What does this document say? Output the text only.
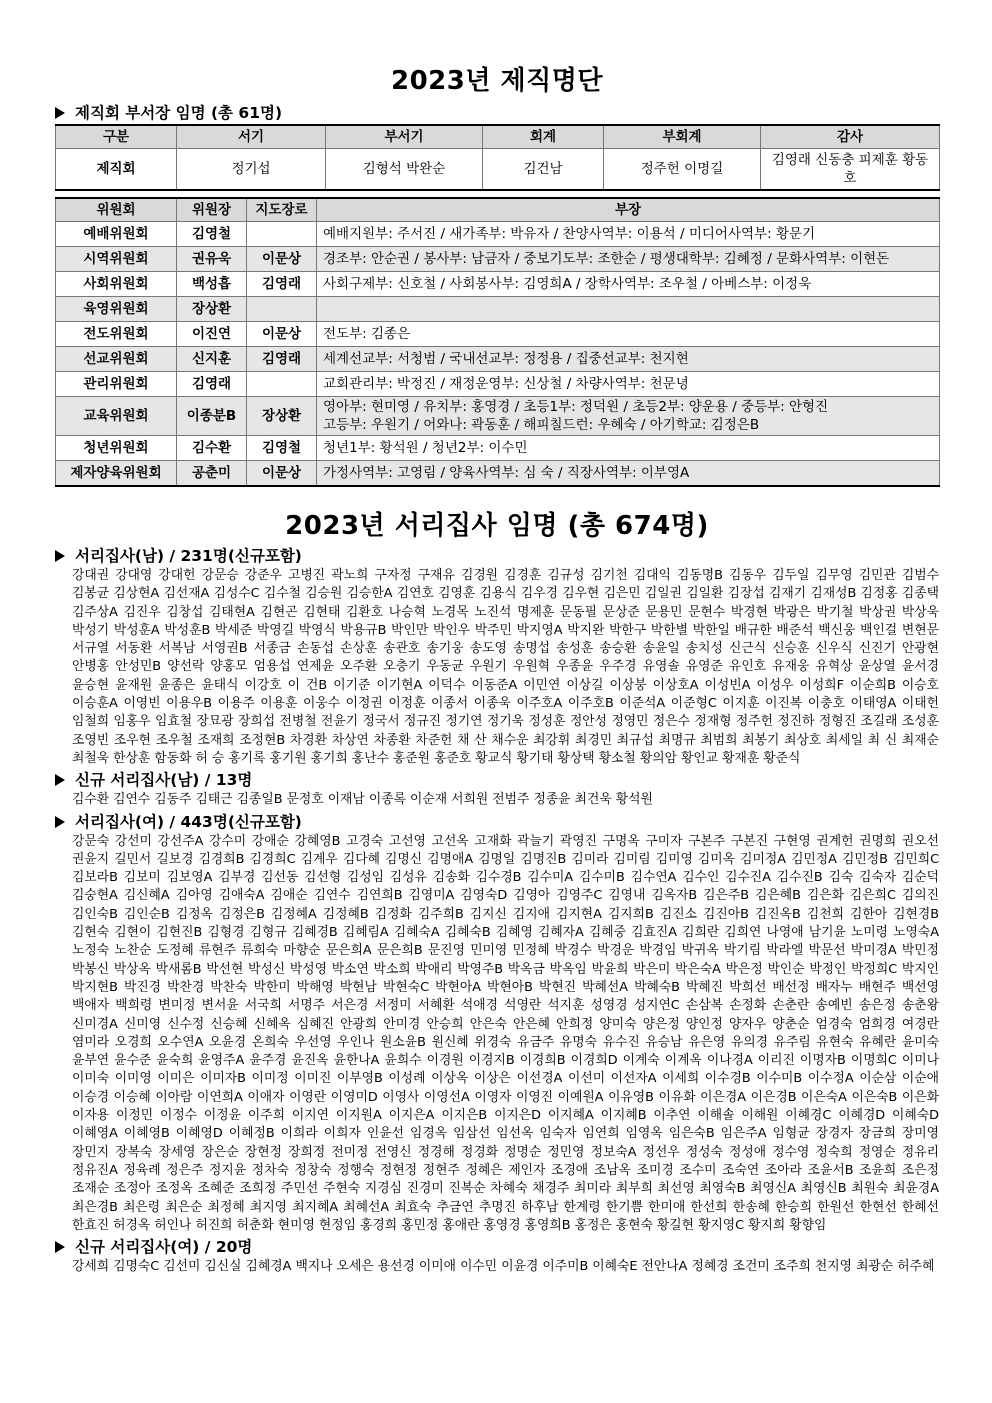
2023년 제직명단
제직회 부서장 임명 (총 61명)
구분	서기	부서기	회계	부회계	감사
제직회	정기섭	김형석 박완순	김건남	정주헌 이명길	김영래 신동충 피제훈 황동호
위원회	위원장	지도장로	부장
예배위원회	김영철		예배지원부: 주서진 / 새가족부: 박유자 / 찬양사역부: 이용석 / 미디어사역부: 황문기

시역위원회	권유욱	이문상	경조부: 안순권 / 봉사부: 남금자 / 중보기도부: 조한순 / 평생대학부: 김혜정 / 문화사역부: 이현돈

사회위원회	백성흡	김영래	사회구제부: 신호철 / 사회봉사부: 김영희A / 장학사역부: 조우철 / 아베스부: 이정욱

육영위원회	장상환		

전도위원회	이진연	이문상	전도부: 김종은

선교위원회	신지훈	김영래	세계선교부: 서청범 / 국내선교부: 정정용 / 집중선교부: 천지현

관리위원회	김영래		교회관리부: 박정진 / 재정운영부: 신상철 / 차량사역부: 천문녕

교육위원회	이종분B	장상환	영아부: 현미영 / 유치부: 홍영경 / 초등1부: 정덕원 / 초등2부: 양운용 / 중등부: 안형진
고등부: 우원기 / 어와나: 곽동훈 / 해피칠드런: 우혜숙 / 아기학교: 김정은B

청년위원회	김수환	김영철	청년1부: 황석원 / 청년2부: 이수민

제자양육위원회	공춘미	이문상	가정사역부: 고영림 / 양육사역부: 심 숙 / 직장사역부: 이부영A
2023년 서리집사 임명 (총 674명)
서리집사(남) / 231명(신규포함)
강대권 강대영 강대헌 강문승 강준우 고병진 곽노희 구자정 구재유 김경원 김경훈 김규성 김기천 김대익 김동명B 김동우 김두일 김무영 김민관 김범수 김봉균 김상현A 김선재A 김성수C 김수철 김승원 김승한A 김연호 김영훈 김용식 김우경 김우현 김은민 김일권 김일환 김장섭 김재기 김재성B 김정홍 김종택 김주상A 김진우 김창섭 김태현A 김현곤 김현태 김환호 나승혁 노경목 노진석 명제훈 문동필 문상준 문용민 문현수 박경현 박광은 박기철 박상권 박상욱 박성기 박성훈A 박성훈B 박세준 박영길 박영식 박용규B 박인만 박인우 박주민 박지영A 박지완 박한구 박한별 박한일 배규한 배준석 백신웅 백인걸 변현문 서규열 서동환 서복남 서영권B 서종금 손동섭 손상훈 송관호 송기웅 송도영 송명섭 송성훈 송승환 송윤일 송치성 신근식 신승훈 신우식 신진기 안광현 안병홍 안성민B 양선락 양홍모 엄용섭 연제윤 오주환 오충기 우동균 우원기 우원혁 우종윤 우주경 유영솔 유영준 유인호 유재웅 유혁상 윤상열 윤서경 윤승현 윤재원 윤종은 윤태식 이강호 이 건B 이기준 이기현A 이덕수 이동준A 이민연 이상길 이상붕 이상호A 이성빈A 이성우 이성희F 이순희B 이승호 이승훈A 이영빈 이용우B 이용주 이용훈 이웅수 이정권 이정훈 이종서 이종욱 이주호A 이주호B 이준석A 이준형C 이지훈 이진복 이충호 이태영A 이태헌 임철희 임홍우 임효철 장묘광 장희섭 전병철 전윤기 정국서 정규진 정기연 정기욱 정성훈 정안성 정영민 정은수 정재형 정주헌 정진하 정형진 조길래 조성훈 조영빈 조우현 조우철 조재희 조정현B 차경환 차상연 차종환 차준헌 채 산 채수운 최강휘 최경민 최규섭 최명규 최범희 최봉기 최상호 최세일 최 신 최재순 최철욱 한상훈 함동화 허 승 홍기록 홍기원 홍기희 홍난수 홍준원 홍준호 황교식 황기태 황상택 황소철 황의암 황인교 황재훈 황준식
신규 서리집사(남) / 13명
김수환 김연수 김동주 김태근 김종일B 문정호 이재남 이종록 이순재 서희원 전범주 정종윤 최건욱 황석원
서리집사(여) / 443명(신규포함)
강문숙 강선미 강선주A 강수미 강애순 강혜영B 고경숙 고선영 고선옥 고재화 곽늘기 곽영진 구명옥 구미자 구본주 구본진 구현영 권계헌 권명희 권오선 권윤지 길민서 길보경 김경희B 김경희C 김계우 김다혜 김명신 김명애A 김명일 김명진B 김미라 김미림 김미영 김미옥 김미정A 김민정A 김민정B 김민희C 김보라B 김보미 김보영A 김부경 김선동 김선형 김성임 김성유 김송화 김수경B 김수미A 김수미B 김수연A 김수인 김수진A 김수진B 김숙 김숙자 김순덕 김숭현A 김신혜A 김아영 김애숙A 김애순 김연수 김연희B 김영미A 김영숙D 김영아 김영주C 김영내 김옥자B 김은주B 김은혜B 김은화 김은희C 김의진 김인숙B 김인순B 김정옥 김정은B 김정혜A 김정혜B 김정화 김주희B 김지신 김지애 김지현A 김지희B 김진소 김진아B 김진옥B 김천희 김한아 김현경B 김현숙 김현이 김현진B 김형경 김형규 김혜경B 김혜림A 김혜숙A 김혜숙B 김혜영 김혜자A 김혜중 김효진A 김희란 김희연 나영애 남기윤 노미령 노영숙A 노정숙 노찬순 도정혜 류현주 류희숙 마향순 문은희A 문은희B 문진영 민미영 민정혜 박경수 박경운 박경임 박귀옥 박기림 박라엘 박문선 박미경A 박민정 박봉신 박상옥 박새롬B 박선현 박성신 박성영 박소연 박소희 박애리 박영주B 박옥금 박옥임 박윤희 박은미 박은숙A 박은정 박인순 박정인 박정희C 박지인 박지현B 박진경 박찬경 박찬숙 박한미 박해영 박현남 박현숙C 박현아A 박현아B 박현진 박혜선A 박혜숙B 박혜진 박희선 배선정 배자누 배현주 백선영 백애자 백희령 변미정 변서윤 서국희 서명주 서은경 서정미 서혜환 석애경 석영란 석지훈 성영경 성지연C 손삼복 손정화 손춘란 송예빈 송은정 송춘왕 신미경A 신미영 신수정 신승혜 신혜옥 심혜진 안광희 안미경 안승희 안은숙 안은혜 안희정 양미숙 양은정 양인정 양자우 양춘순 엄경숙 엄희경 여경란 염미라 오경희 오수연A 오윤경 온희숙 우선영 우인나 원소윤B 원신혜 위경숙 유금주 유명숙 유수진 유승남 유은영 유의경 유주림 유현숙 유혜란 윤미숙 윤부연 윤수준 윤숙희 윤영주A 윤주경 윤진옥 윤한나A 윤희수 이경원 이경지B 이경희B 이경희D 이계숙 이계옥 이나경A 이리진 이명자B 이명희C 이미나 이미숙 이미영 이미은 이미자B 이미정 이미진 이부영B 이성례 이상옥 이상은 이선경A 이선미 이선자A 이세희 이수경B 이수미B 이수정A 이순삼 이순애 이승경 이승혜 이아람 이연희A 이애자 이영란 이영미D 이영사 이영선A 이영자 이영진 이예원A 이유영B 이유화 이은경A 이은경B 이은숙A 이은숙B 이은화 이자용 이정민 이정수 이정윤 이주희 이지연 이지원A 이지은A 이지은B 이지은D 이지혜A 이지혜B 이추연 이해솔 이해원 이혜경C 이혜경D 이혜숙D 이혜영A 이혜영B 이혜영D 이혜정B 이희라 이희자 인윤선 임경옥 임삼선 임선옥 임숙자 임연희 임영옥 임은숙B 임은주A 임형균 장경자 장금희 장미영 장민지 장복숙 장세영 장은순 장현정 장희정 전미정 전영신 정경해 정경화 정명순 정민영 정보숙A 정선우 정성숙 정성애 정수영 정숙희 정영순 정유리 정유진A 정육례 정은주 정지윤 정차숙 정창숙 정행숙 정현정 정현주 정혜은 제인자 조경애 조남옥 조미경 조수미 조숙연 조아라 조윤서B 조윤희 조은정 조재순 조정아 조정옥 조혜준 조희정 주민선 주현숙 지경심 진경미 진복순 차혜숙 채경주 최미라 최부희 최선영 최영숙B 최영신A 최영신B 최원숙 최윤경A 최은경B 최은령 최은순 최정혜 최지영 최지혜A 최혜선A 최효숙 추금연 추명진 하후남 한계령 한기쁨 한미애 한선희 한송혜 한승희 한원선 한현선 한혜선 한효진 허경옥 허인나 허진희 허춘화 현미영 현정임 홍경희 홍민정 홍애란 홍영경 홍영희B 홍정은 홍현숙 황길현 황지영C 황지희 황향임
신규 서리집사(여) / 20명
강세희 김명숙C 김선미 김신실 김혜경A 백지나 오세은 용선경 이미애 이수민 이윤경 이주미B 이혜숙E 전안나A 정혜경 조건미 조주희 천지영 최광순 허주혜
